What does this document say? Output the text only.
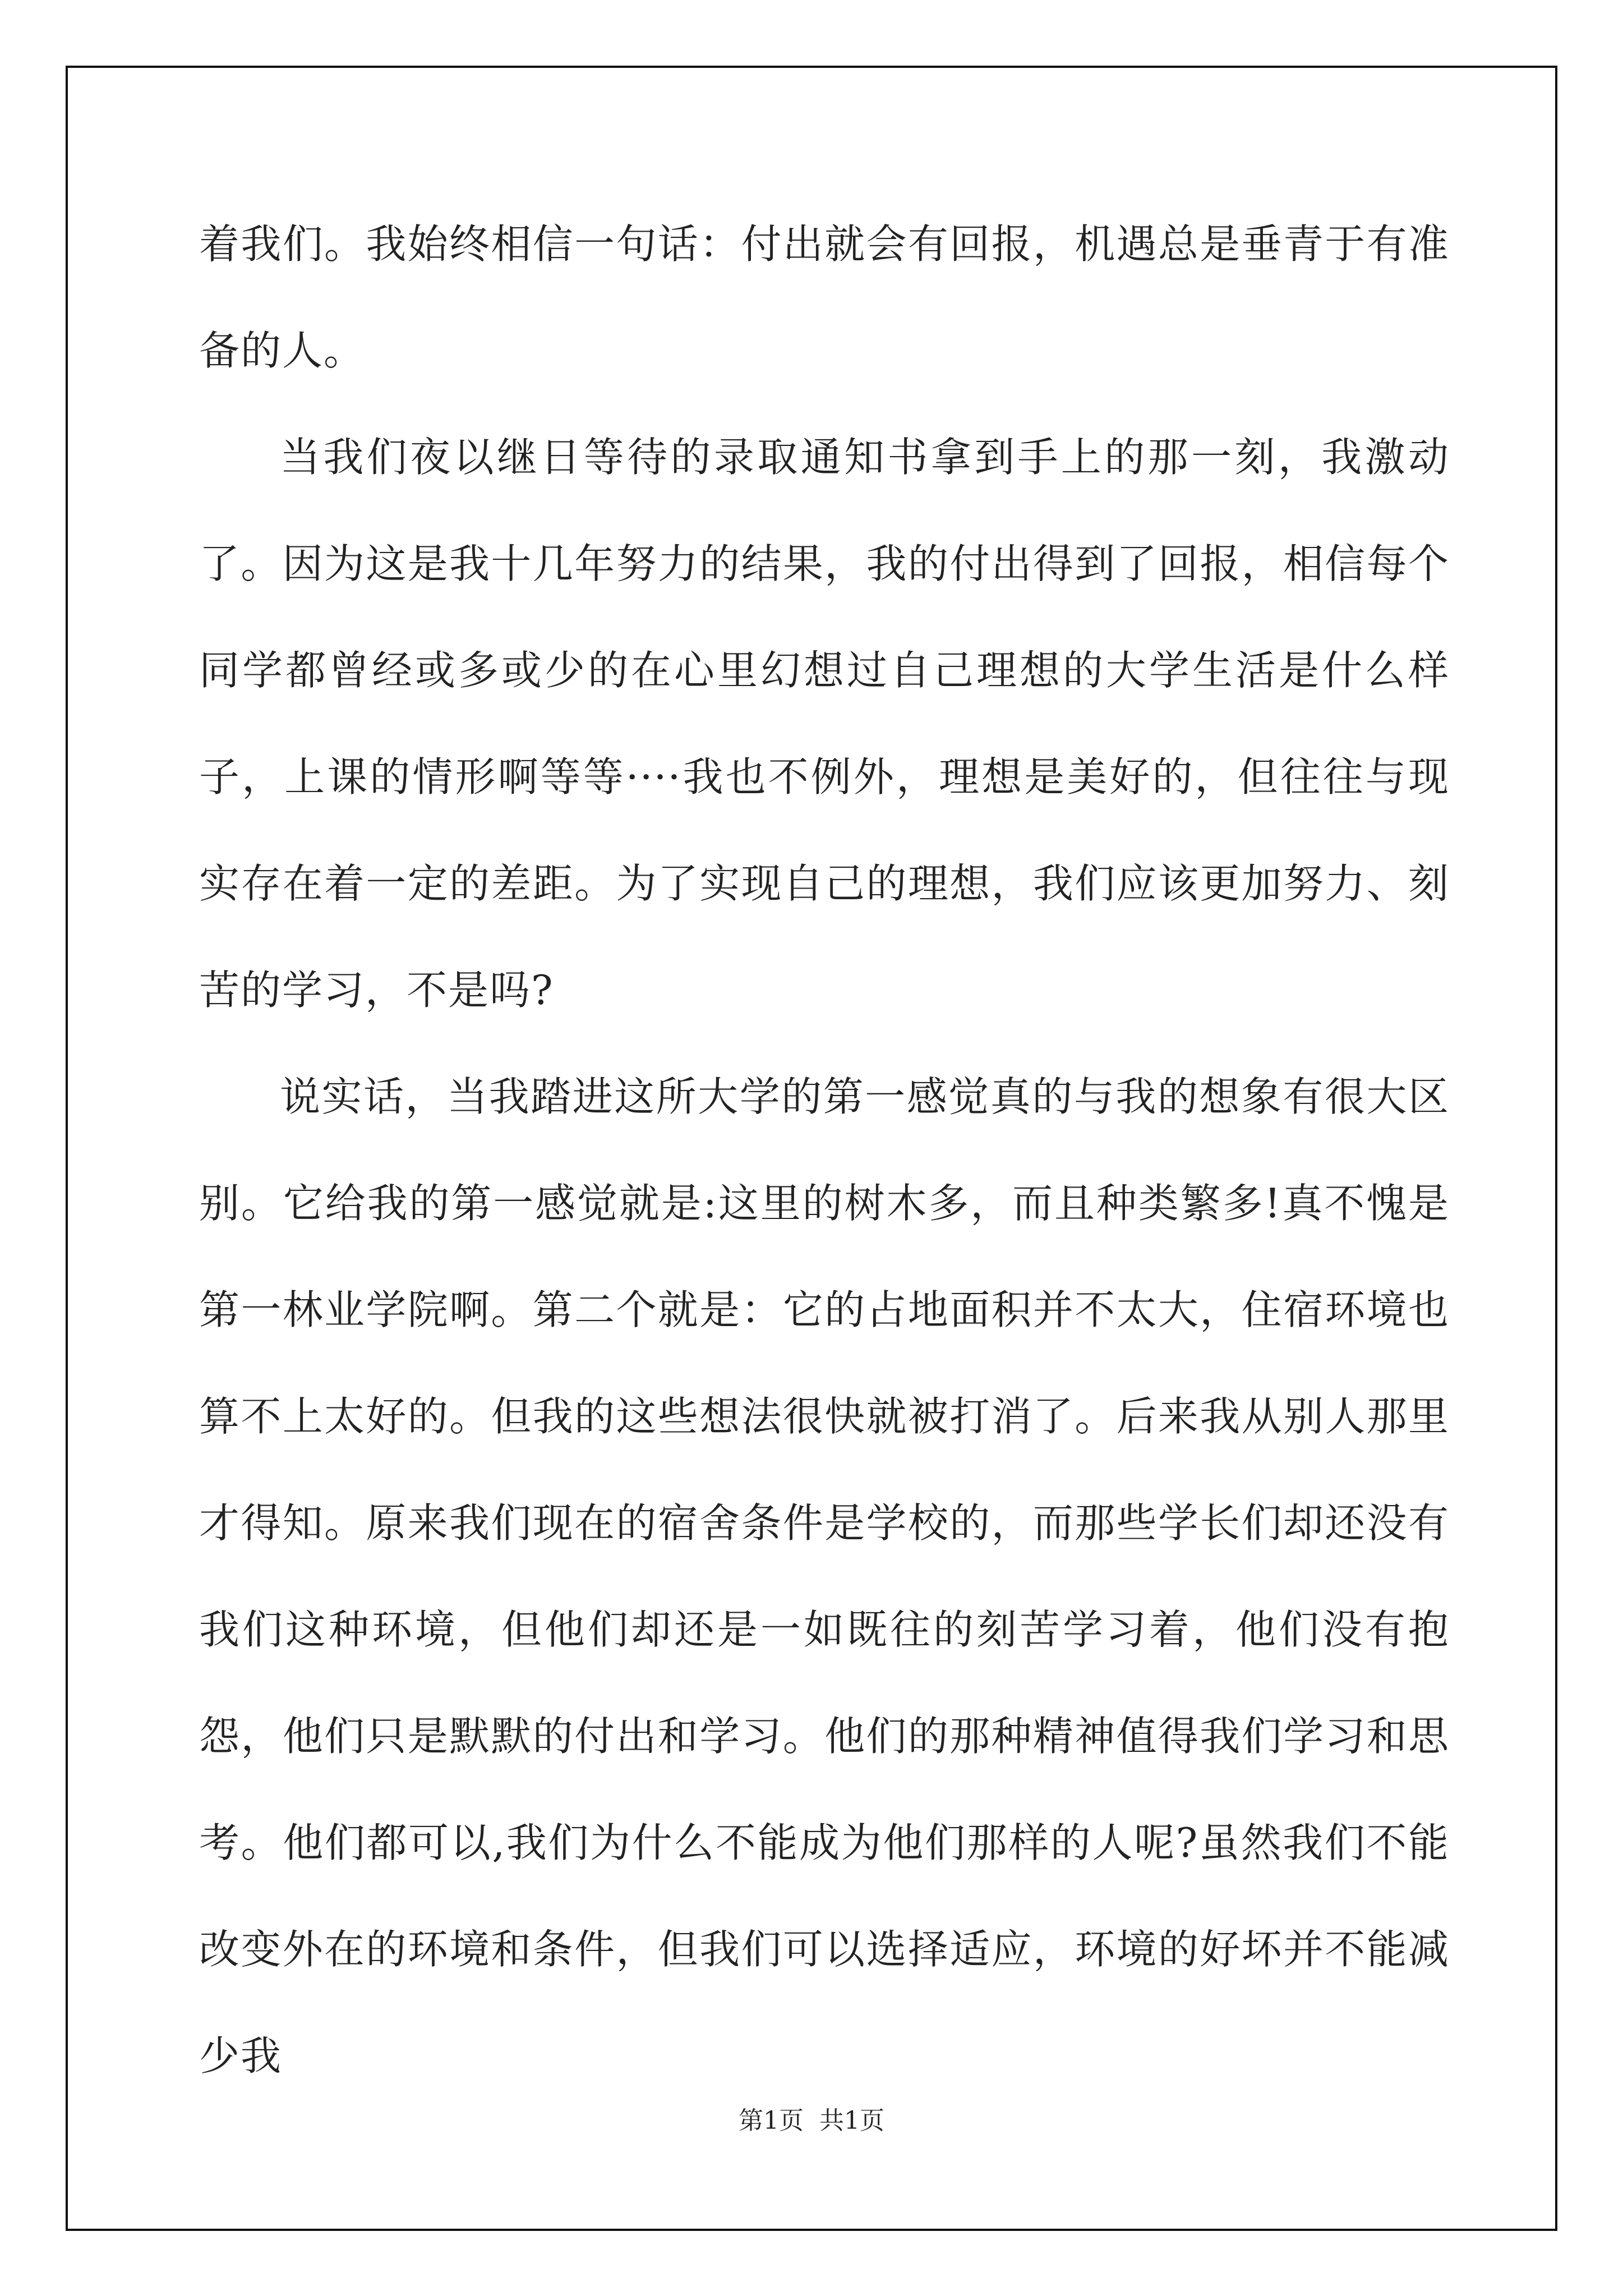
着我们。我始终相信一句话：付出就会有回报，机遇总是垂青于有准备的人。

当我们夜以继日等待的录取通知书拿到手上的那一刻，我激动了。因为这是我十几年努力的结果，我的付出得到了回报，相信每个同学都曾经或多或少的在心里幻想过自己理想的大学生活是什么样子，上课的情形啊等等····我也不例外，理想是美好的，但往往与现实存在着一定的差距。为了实现自己的理想，我们应该更加努力、刻苦的学习，不是吗?

说实话，当我踏进这所大学的第一感觉真的与我的想象有很大区别。它给我的第一感觉就是:这里的树木多，而且种类繁多!真不愧是第一林业学院啊。第二个就是：它的占地面积并不太大，住宿环境也算不上太好的。但我的这些想法很快就被打消了。后来我从别人那里才得知。原来我们现在的宿舍条件是学校的，而那些学长们却还没有我们这种环境，但他们却还是一如既往的刻苦学习着，他们没有抱怨，他们只是默默的付出和学习。他们的那种精神值得我们学习和思考。他们都可以,我们为什么不能成为他们那样的人呢?虽然我们不能改变外在的环境和条件，但我们可以选择适应，环境的好坏并不能减少我

第1页 共1页
